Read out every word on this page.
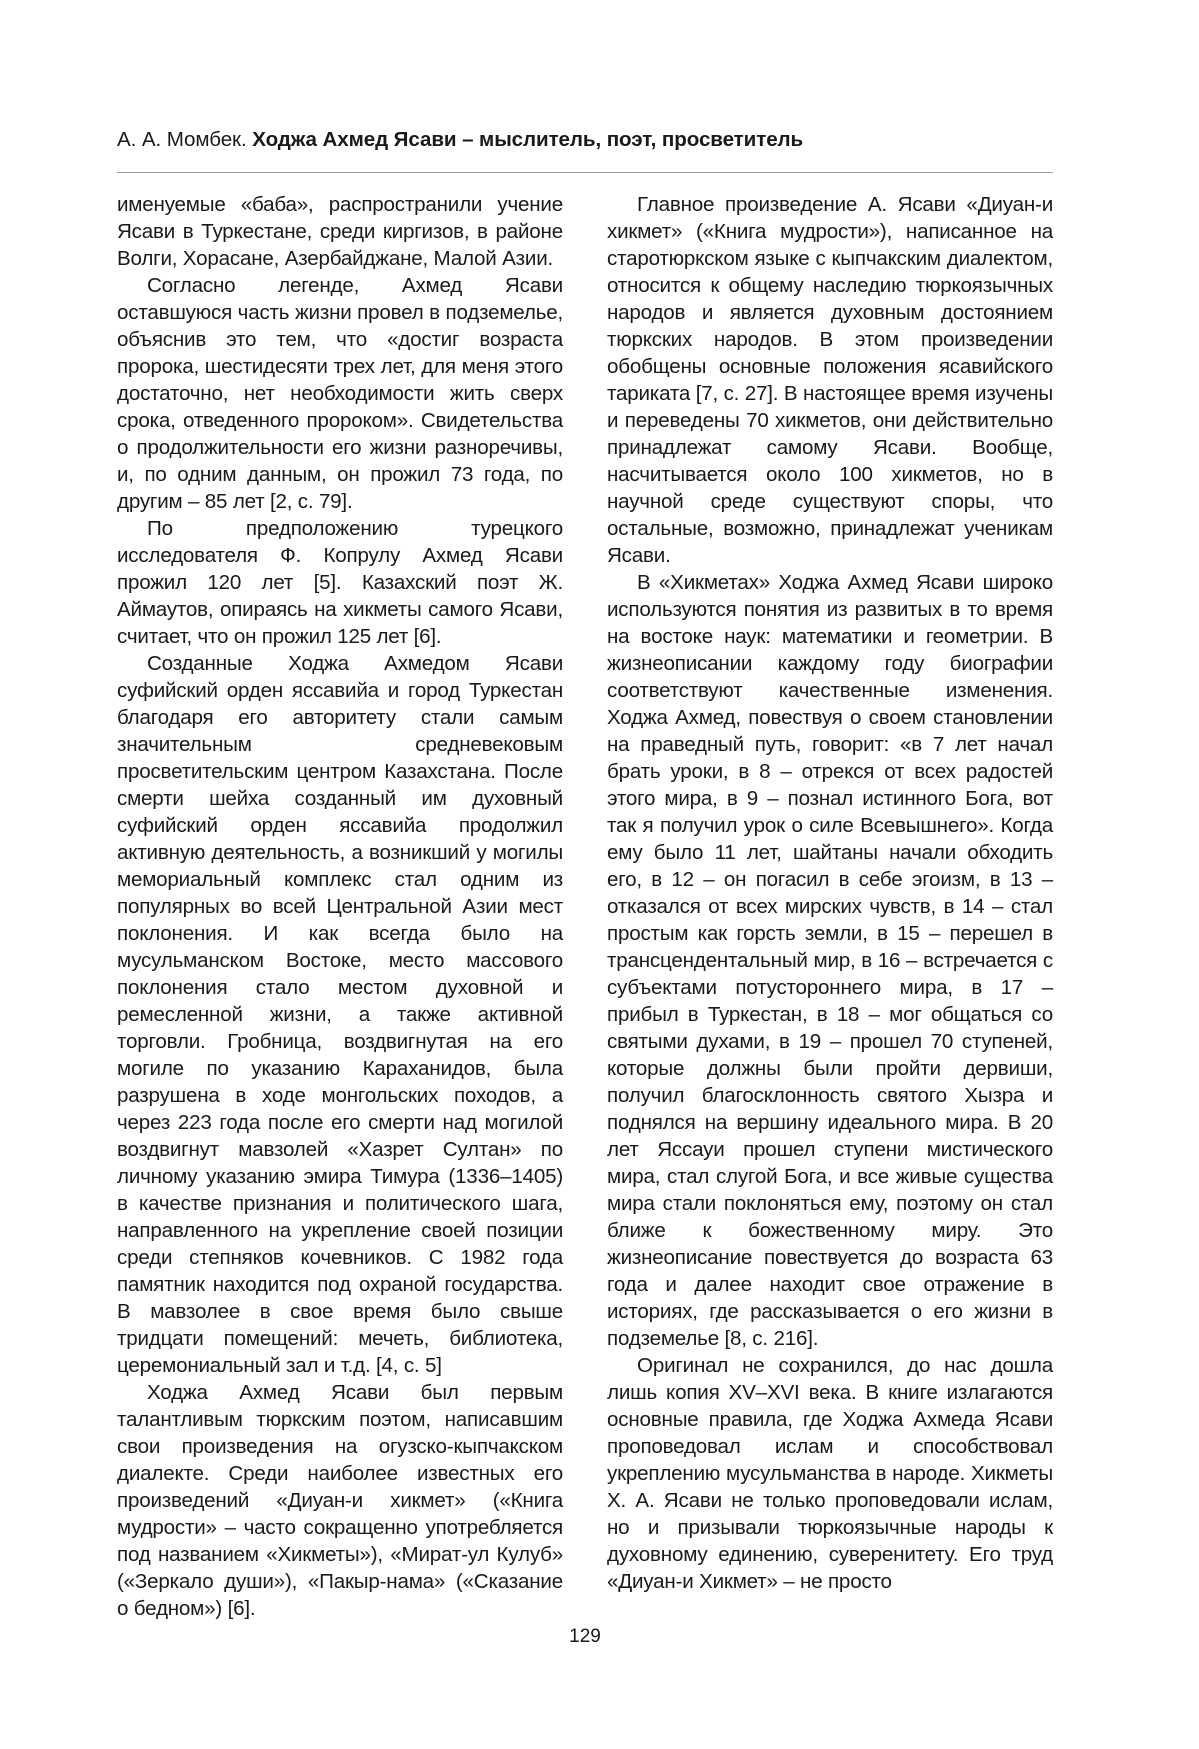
А. А. Момбек. Ходжа Ахмед Ясави – мыслитель, поэт, просветитель

именуемые «баба», распространили учение Ясави в Туркестане, среди киргизов, в районе Волги, Хорасане, Азербайджане, Малой Азии.

Согласно легенде, Ахмед Ясави оставшуюся часть жизни провел в подземелье, объяснив это тем, что «достиг возраста пророка, шестидесяти трех лет, для меня этого достаточно, нет необходимости жить сверх срока, отведенного пророком». Свидетельства о продолжительности его жизни разноречивы, и, по одним данным, он прожил 73 года, по другим – 85 лет [2, с. 79].

По предположению турецкого исследователя Ф. Копрулу Ахмед Ясави прожил 120 лет [5]. Казахский поэт Ж. Аймаутов, опираясь на хикметы самого Ясави, считает, что он прожил 125 лет [6].

Созданные Ходжа Ахмедом Ясави суфийский орден яссавийа и город Туркестан благодаря его авторитету стали самым значительным средневековым просветительским центром Казахстана. После смерти шейха созданный им духовный суфийский орден яссавийа продолжил активную деятельность, а возникший у могилы мемориальный комплекс стал одним из популярных во всей Центральной Азии мест поклонения. И как всегда было на мусульманском Востоке, место массового поклонения стало местом духовной и ремесленной жизни, а также активной торговли. Гробница, воздвигнутая на его могиле по указанию Караханидов, была разрушена в ходе монгольских походов, а через 223 года после его смерти над могилой воздвигнут мавзолей «Хазрет Султан» по личному указанию эмира Тимура (1336–1405) в качестве признания и политического шага, направленного на укрепление своей позиции среди степняков кочевников. С 1982 года памятник находится под охраной государства. В мавзолее в свое время было свыше тридцати помещений: мечеть, библиотека, церемониальный зал и т.д. [4, с. 5]

Ходжа Ахмед Ясави был первым талантливым тюркским поэтом, написавшим свои произведения на огузско-кыпчакском диалекте. Среди наиболее известных его произведений «Диуан-и хикмет» («Книга мудрости» – часто сокращенно употребляется под названием «Хикметы»), «Мират-ул Кулуб» («Зеркало души»), «Пакыр-нама» («Сказание о бедном») [6].

Главное произведение А. Ясави «Диуан-и хикмет» («Книга мудрости»), написанное на старотюркском языке с кыпчакским диалектом, относится к общему наследию тюркоязычных народов и является духовным достоянием тюркских народов. В этом произведении обобщены основные положения ясавийского тариката [7, с. 27]. В настоящее время изучены и переведены 70 хикметов, они действительно принадлежат самому Ясави. Вообще, насчитывается около 100 хикметов, но в научной среде существуют споры, что остальные, возможно, принадлежат ученикам Ясави.

В «Хикметах» Ходжа Ахмед Ясави широко используются понятия из развитых в то время на востоке наук: математики и геометрии. В жизнеописании каждому году биографии соответствуют качественные изменения. Ходжа Ахмед, повествуя о своем становлении на праведный путь, говорит: «в 7 лет начал брать уроки, в 8 – отрекся от всех радостей этого мира, в 9 – познал истинного Бога, вот так я получил урок о силе Всевышнего». Когда ему было 11 лет, шайтаны начали обходить его, в 12 – он погасил в себе эгоизм, в 13 – отказался от всех мирских чувств, в 14 – стал простым как горсть земли, в 15 – перешел в трансцендентальный мир, в 16 – встречается с субъектами потустороннего мира, в 17 – прибыл в Туркестан, в 18 – мог общаться со святыми духами, в 19 – прошел 70 ступеней, которые должны были пройти дервиши, получил благосклонность святого Хызра и поднялся на вершину идеального мира. В 20 лет Яссауи прошел ступени мистического мира, стал слугой Бога, и все живые существа мира стали поклоняться ему, поэтому он стал ближе к божественному миру. Это жизнеописание повествуется до возраста 63 года и далее находит свое отражение в историях, где рассказывается о его жизни в подземелье [8, с. 216].

Оригинал не сохранился, до нас дошла лишь копия XV–XVI века. В книге излагаются основные правила, где Ходжа Ахмеда Ясави проповедовал ислам и способствовал укреплению мусульманства в народе. Хикметы Х. А. Ясави не только проповедовали ислам, но и призывали тюркоязычные народы к духовному единению, суверенитету. Его труд «Диуан-и Хикмет» – не просто

129
